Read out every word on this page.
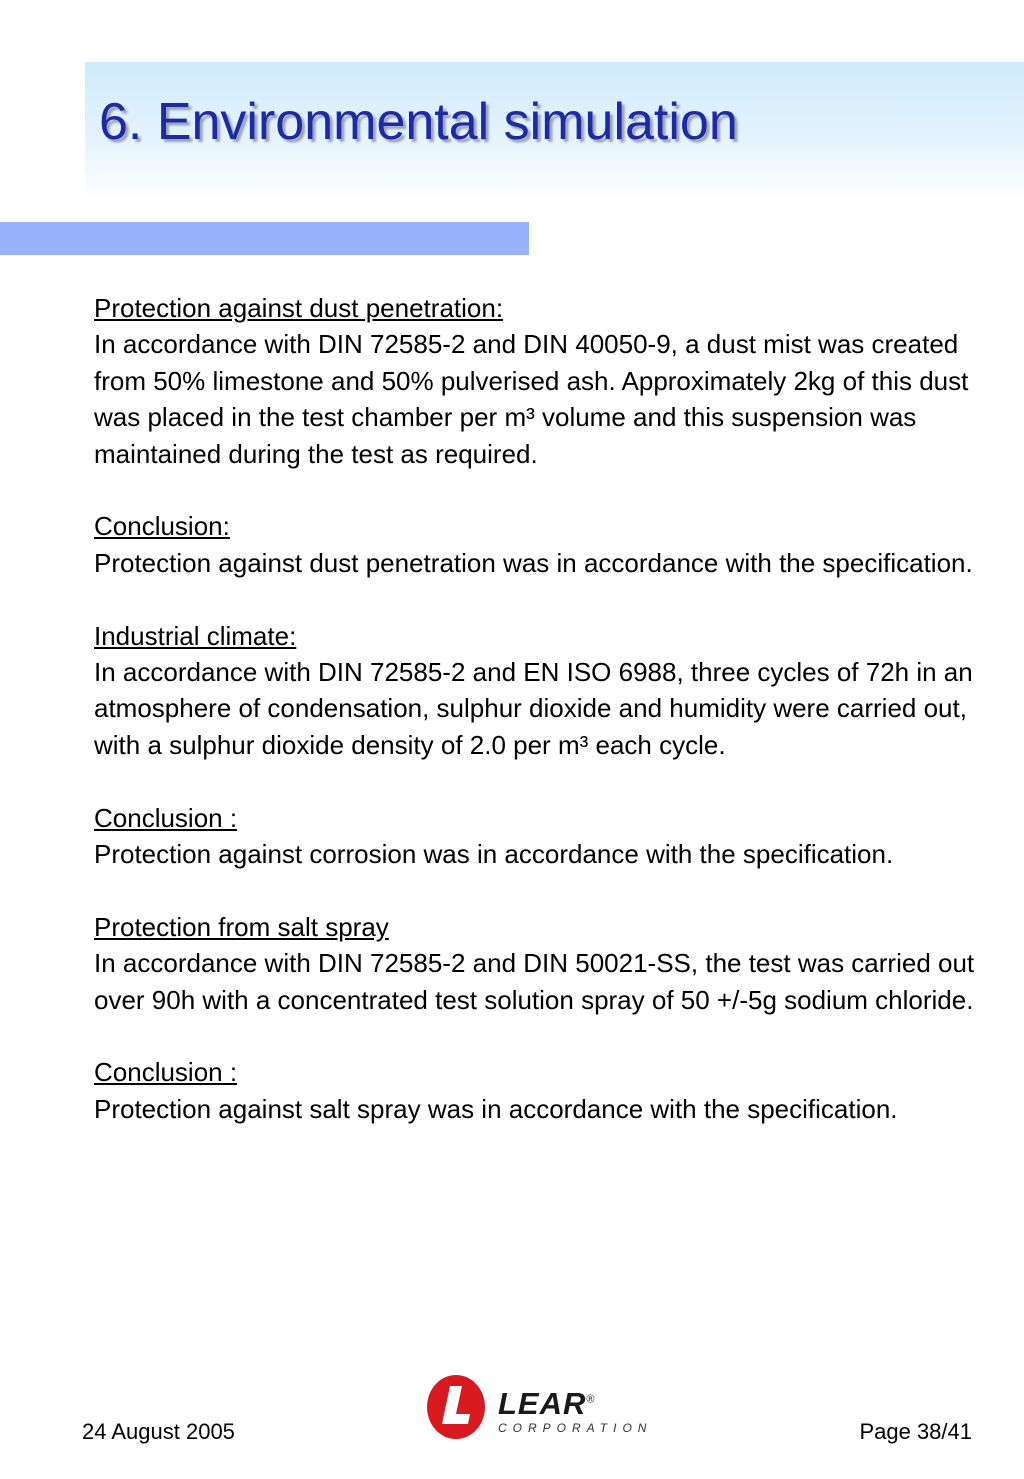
6. Environmental simulation

Protection against dust penetration:

In accordance with DIN 72585-2 and DIN 40050-9, a dust mist was created from 50% limestone and 50% pulverised ash. Approximately 2kg of this dust was placed in the test chamber per m³ volume and this suspension was maintained during the test as required.

Conclusion:

Protection against dust penetration was in accordance with the specification.

Industrial climate:

In accordance with DIN 72585-2 and EN ISO 6988, three cycles of 72h in an atmosphere of condensation, sulphur dioxide and humidity were carried out, with a sulphur dioxide density of 2.0 per m³ each cycle.

Conclusion :

Protection against corrosion was in accordance with the specification.

Protection from salt spray

In accordance with DIN 72585-2 and DIN 50021-SS, the test was carried out over 90h with a concentrated test solution spray of 50 +/-5g sodium chloride.

Conclusion :

Protection against salt spray was in accordance with the specification.

24 August 2005
LEAR®
CORPORATION	Page 38/41
